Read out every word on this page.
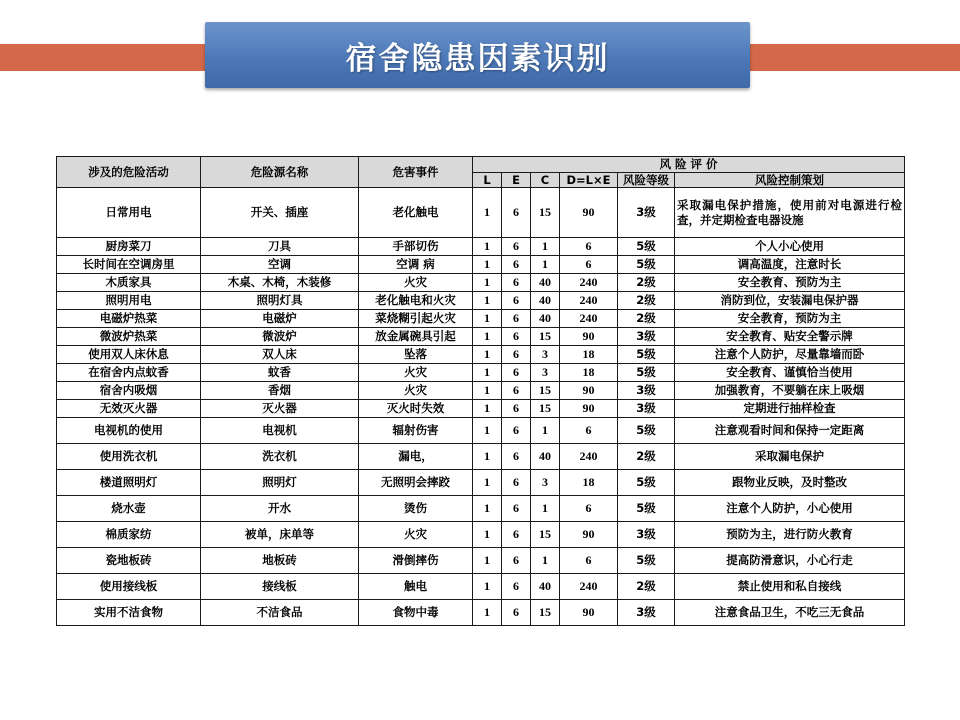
宿舍隐患因素识别
涉及的危险活动	危险源名称	危害事件	风 险 评 价					
			L	E	C	D=L×E	风险等级	风险控制策划
日常用电	开关、插座	老化触电	1	6	15	90	3级	采取漏电保护措施，使用前对电源进行检查，并定期检查电器设施
厨房菜刀	刀具	手部切伤	1	6	1	6	5级	个人小心使用
长时间在空调房里	空调	空调 病	1	6	1	6	5级	调高温度，注意时长
木质家具	木桌、木椅，木装修	火灾	1	6	40	240	2级	安全教育、预防为主
照明用电	照明灯具	老化触电和火灾	1	6	40	240	2级	消防到位，安装漏电保护器
电磁炉热菜	电磁炉	菜烧糊引起火灾	1	6	40	240	2级	安全教育，预防为主
微波炉热菜	微波炉	放金属碗具引起	1	6	15	90	3级	安全教育、贴安全警示牌
使用双人床休息	双人床	坠落	1	6	3	18	5级	注意个人防护，尽量靠墙而卧
在宿舍内点蚊香	蚊香	火灾	1	6	3	18	5级	安全教育、谨慎恰当使用
宿舍内吸烟	香烟	火灾	1	6	15	90	3级	加强教育，不要躺在床上吸烟
无效灭火器	灭火器	灭火时失效	1	6	15	90	3级	定期进行抽样检查
电视机的使用	电视机	辐射伤害	1	6	1	6	5级	注意观看时间和保持一定距离
使用洗衣机	洗衣机	漏电，	1	6	40	240	2级	采取漏电保护
楼道照明灯	照明灯	无照明会摔跤	1	6	3	18	5级	跟物业反映，及时整改
烧水壶	开水	烫伤	1	6	1	6	5级	注意个人防护，小心使用
棉质家纺	被单，床单等	火灾	1	6	15	90	3级	预防为主，进行防火教育
瓷地板砖	地板砖	滑倒摔伤	1	6	1	6	5级	提高防滑意识，小心行走
使用接线板	接线板	触电	1	6	40	240	2级	禁止使用和私自接线
实用不洁食物	不洁食品	食物中毒	1	6	15	90	3级	注意食品卫生，不吃三无食品
